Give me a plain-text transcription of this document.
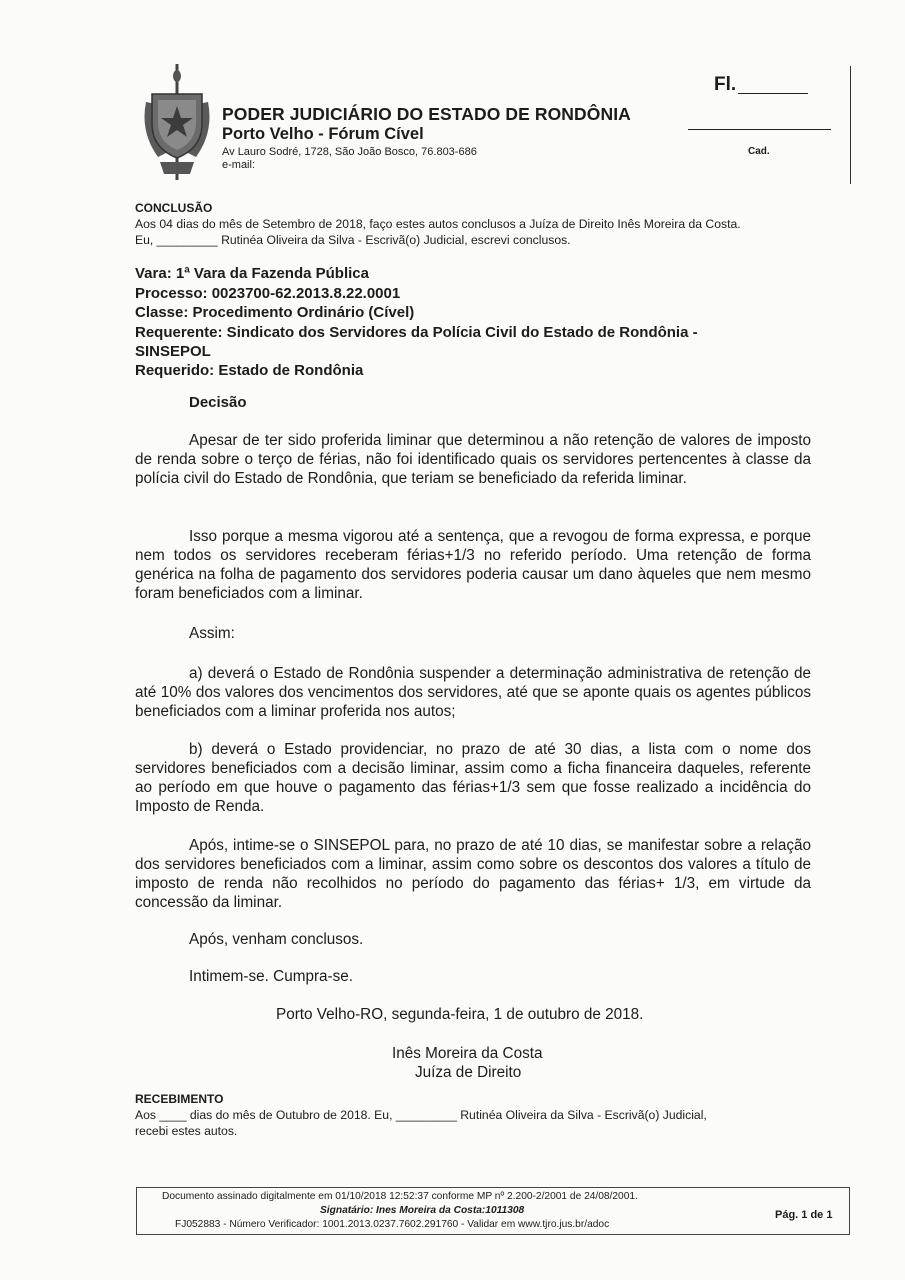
PODER JUDICIÁRIO DO ESTADO DE RONDÔNIA
Porto Velho - Fórum Cível
Av Lauro Sodré, 1728, São João Bosco, 76.803-686
e-mail:
Fl.
Cad.
CONCLUSÃO
Aos 04 dias do mês de Setembro de 2018, faço estes autos conclusos a Juíza de Direito Inês Moreira da Costa.
Eu, _________ Rutinéa Oliveira da Silva - Escrivã(o) Judicial, escrevi conclusos.
Vara: 1ª Vara da Fazenda Pública
Processo: 0023700-62.2013.8.22.0001
Classe: Procedimento Ordinário (Cível)
Requerente: Sindicato dos Servidores da Polícia Civil do Estado de Rondônia -
SINSEPOL
Requerido: Estado de Rondônia
Decisão
Apesar de ter sido proferida liminar que determinou a não retenção de valores de imposto de renda sobre o terço de férias, não foi identificado quais os servidores pertencentes à classe da polícia civil do Estado de Rondônia, que teriam se beneficiado da referida liminar.
Isso porque a mesma vigorou até a sentença, que a revogou de forma expressa, e porque nem todos os servidores receberam férias+1/3 no referido período. Uma retenção de forma genérica na folha de pagamento dos servidores poderia causar um dano àqueles que nem mesmo foram beneficiados com a liminar.
Assim:
a) deverá o Estado de Rondônia suspender a determinação administrativa de retenção de até 10% dos valores dos vencimentos dos servidores, até que se aponte quais os agentes públicos beneficiados com a liminar proferida nos autos;
b) deverá o Estado providenciar, no prazo de até 30 dias, a lista com o nome dos servidores beneficiados com a decisão liminar, assim como a ficha financeira daqueles, referente ao período em que houve o pagamento das férias+1/3 sem que fosse realizado a incidência do Imposto de Renda.
Após, intime-se o SINSEPOL para, no prazo de até 10 dias, se manifestar sobre a relação dos servidores beneficiados com a liminar, assim como sobre os descontos dos valores a título de imposto de renda não recolhidos no período do pagamento das férias+ 1/3, em virtude da concessão da liminar.
Após, venham conclusos.
Intimem-se. Cumpra-se.
Porto Velho-RO, segunda-feira, 1 de outubro de 2018.
Inês Moreira da Costa
Juíza de Direito
RECEBIMENTO
Aos ____ dias do mês de Outubro de 2018. Eu, _________ Rutinéa Oliveira da Silva - Escrivã(o) Judicial,
recebi estes autos.
Documento assinado digitalmente em 01/10/2018 12:52:37 conforme MP nº 2.200-2/2001 de 24/08/2001.
Signatário: Ines Moreira da Costa:1011308
FJ052883 - Número Verificador: 1001.2013.0237.7602.291760 - Validar em www.tjro.jus.br/adoc
Pág. 1 de 1
